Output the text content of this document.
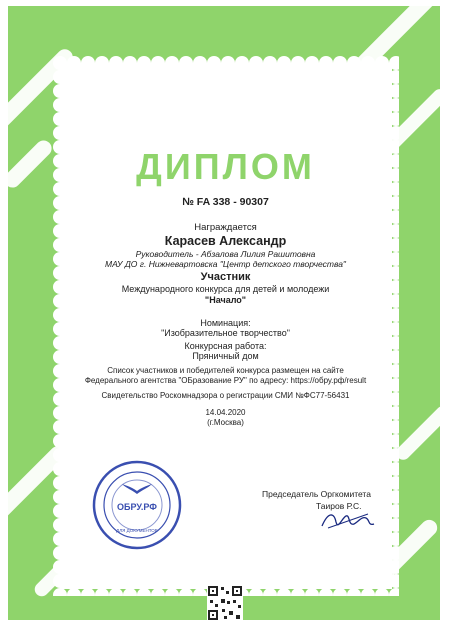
ОБРУ.РФ
Официальный сайт Федерального
агентства «Образование РУ»
https://обру.рф	info@obru.ru
ДИПЛОМ
№ FA 338 - 90307
Награждается
Карасев Александр
Руководитель - Абзалова Лилия Рашитовна
МАУ ДО г. Нижневартовска "Центр детского творчества"
Участник
Международного конкурса для детей и молодежи
"Начало"
Номинация:
"Изобразительное творчество"
Конкурсная работа:
Пряничный дом
Список участников и победителей конкурса размещен на сайте
Федерального агентства "ОБразование РУ" по адресу: https://обру.рф/result
Свидетельство Роскомнадзора о регистрации СМИ №ФС77-56431
14.04.2020
(г.Москва)
ОБРУ.РФ
ДЛЯ ДОКУМЕНТОВ
Председатель Оргкомитета
Таиров Р.С.
